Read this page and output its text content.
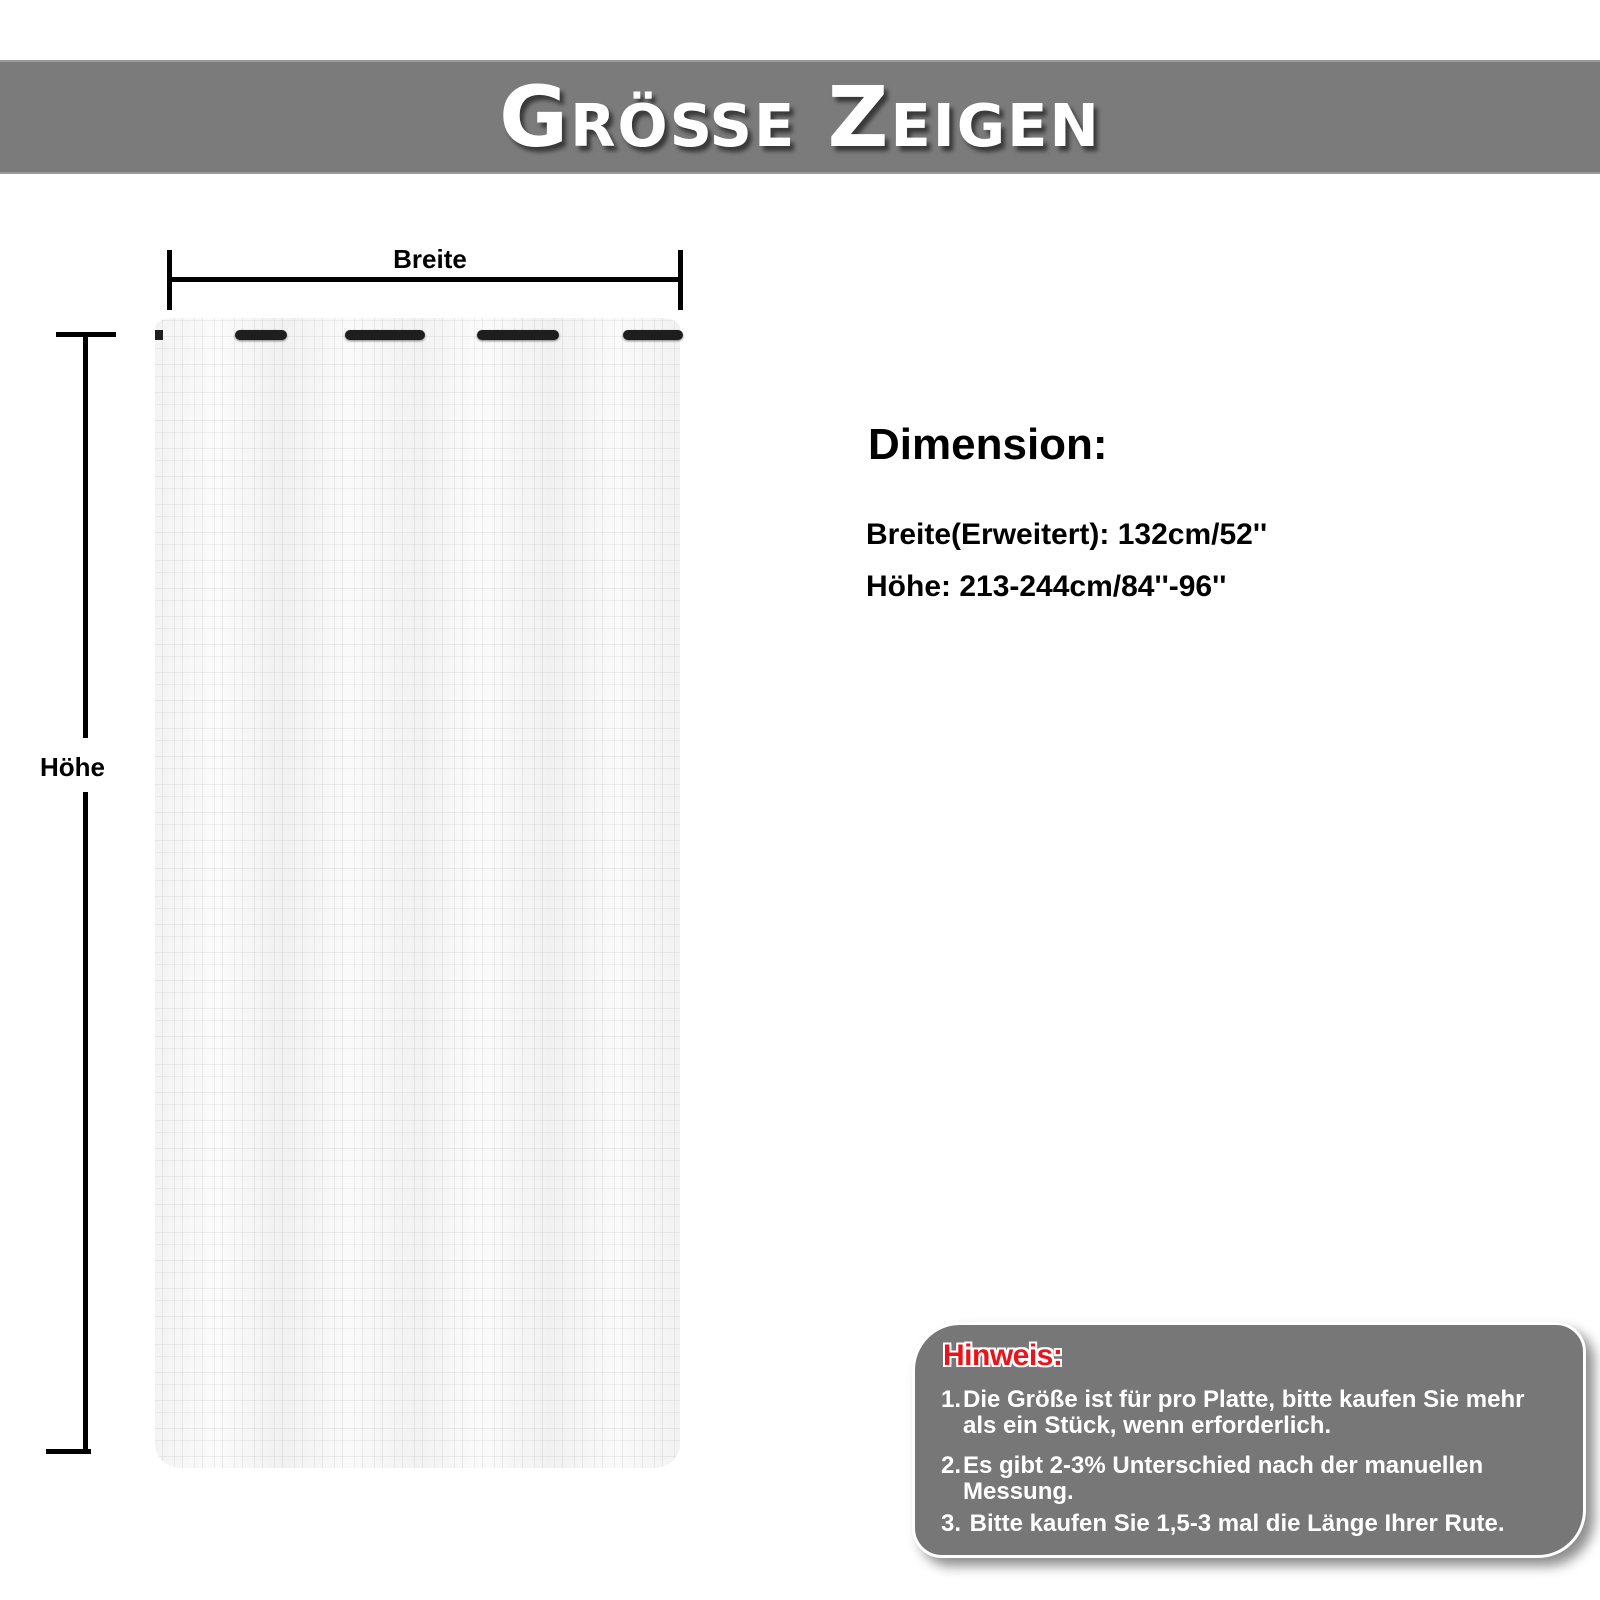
Größe Zeigen
Breite
Höhe
Dimension:
Breite(Erweitert): 132cm/52''
Höhe: 213-244cm/84''-96''
Hinweis:
1.Die Größe ist für pro Platte, bitte kaufen Sie mehr
als ein Stück, wenn erforderlich.
2.Es gibt 2-3% Unterschied nach der manuellen
Messung.
3. Bitte kaufen Sie 1,5-3 mal die Länge Ihrer Rute.
